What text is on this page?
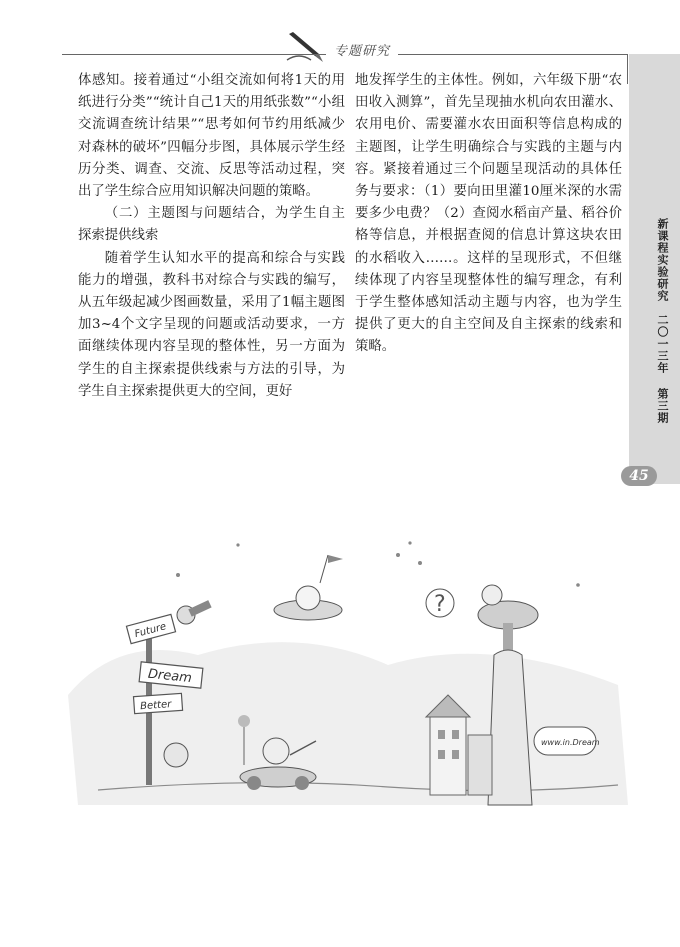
专题研究
新课程实验研究
二〇一三年 第三期
45

体感知。接着通过“小组交流如何将1天的用纸进行分类”“统计自己1天的用纸张数”“小组交流调查统计结果”“思考如何节约用纸减少对森林的破坏”四幅分步图，具体展示学生经历分类、调查、交流、反思等活动过程，突出了学生综合应用知识解决问题的策略。

（二）主题图与问题结合，为学生自主探索提供线索

随着学生认知水平的提高和综合与实践能力的增强，教科书对综合与实践的编写，从五年级起减少图画数量，采用了1幅主题图加3~4个文字呈现的问题或活动要求，一方面继续体现内容呈现的整体性，另一方面为学生的自主探索提供线索与方法的引导，为学生自主探索提供更大的空间，更好

地发挥学生的主体性。例如，六年级下册“农田收入测算”，首先呈现抽水机向农田灌水、农用电价、需要灌水农田面积等信息构成的主题图，让学生明确综合与实践的主题与内容。紧接着通过三个问题呈现活动的具体任务与要求：（1）要向田里灌10厘米深的水需要多少电费？（2）查阅水稻亩产量、稻谷价格等信息，并根据查阅的信息计算这块农田的水稻收入……。这样的呈现形式，不但继续体现了内容呈现整体性的编写理念，有利于学生整体感知活动主题与内容，也为学生提供了更大的自主空间及自主探索的线索和策略。

Future
Dream
Better
?
www.in.Dream
